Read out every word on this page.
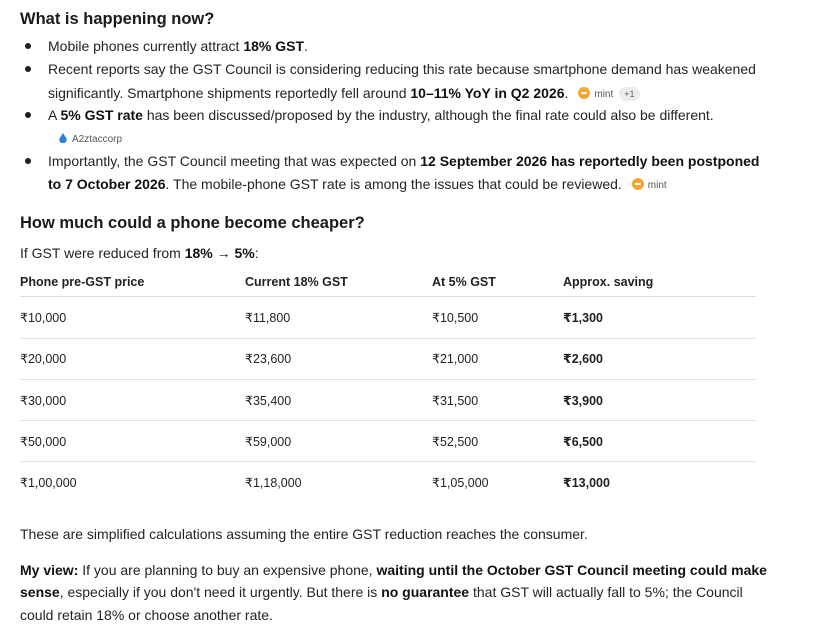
What is happening now?
Mobile phones currently attract 18% GST.
Recent reports say the GST Council is considering reducing this rate because smartphone demand has weakened
significantly. Smartphone shipments reportedly fell around 10–11% YoY in Q2 2026.	mint +1
A 5% GST rate has been discussed/proposed by the industry, although the final rate could also be different.
A2ztaccorp
Importantly, the GST Council meeting that was expected on 12 September 2026 has reportedly been postponed
to 7 October 2026. The mobile-phone GST rate is among the issues that could be reviewed.	mint
How much could a phone become cheaper?
If GST were reduced from 18% → 5%:
Phone pre-GST price	Current 18% GST	At 5% GST	Approx. saving
₹10,000	₹11,800	₹10,500	₹1,300
₹20,000	₹23,600	₹21,000	₹2,600
₹30,000	₹35,400	₹31,500	₹3,900
₹50,000	₹59,000	₹52,500	₹6,500
₹1,00,000	₹1,18,000	₹1,05,000	₹13,000
These are simplified calculations assuming the entire GST reduction reaches the consumer.
My view: If you are planning to buy an expensive phone, waiting until the October GST Council meeting could make
sense, especially if you don't need it urgently. But there is no guarantee that GST will actually fall to 5%; the Council
could retain 18% or choose another rate.
